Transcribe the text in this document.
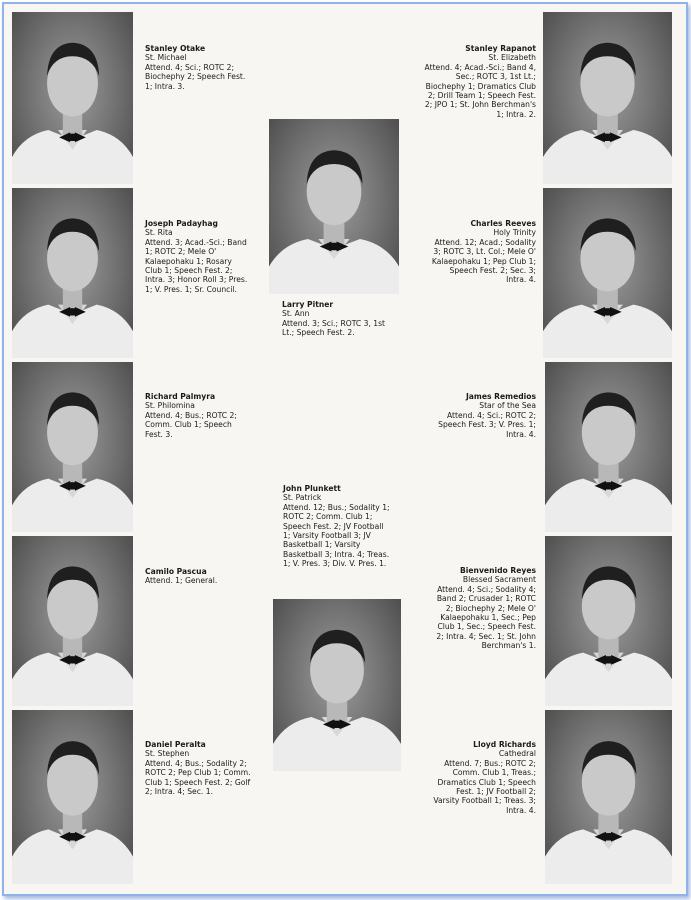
Stanley Otake
St. Michael
Attend. 4; Sci.; ROTC 2; Biochephy 2; Speech Fest. 1; Intra. 3.
Joseph Padayhag
St. Rita
Attend. 3; Acad.-Sci.; Band 1; ROTC 2; Mele O' Kalaepohaku 1; Rosary Club 1; Speech Fest. 2; Intra. 3; Honor Roll 3; Pres. 1; V. Pres. 1; Sr. Council.
Richard Palmyra
St. Philomina
Attend. 4; Bus.; ROTC 2; Comm. Club 1; Speech Fest. 3.
Camilo Pascua
Attend. 1; General.
Daniel Peralta
St. Stephen
Attend. 4; Bus.; Sodality 2; ROTC 2; Pep Club 1; Comm. Club 1; Speech Fest. 2; Golf 2; Intra. 4; Sec. 1.
Larry Pitner
St. Ann
Attend. 3; Sci.; ROTC 3, 1st Lt.; Speech Fest. 2.
John Plunkett
St. Patrick
Attend. 12; Bus.; Sodality 1; ROTC 2; Comm. Club 1; Speech Fest. 2; JV Football 1; Varsity Football 3; JV Basketball 1; Varsity Basketball 3; Intra. 4; Treas. 1; V. Pres. 3; Div. V. Pres. 1.
Stanley Rapanot
St. Elizabeth
Attend. 4; Acad.-Sci.; Band 4, Sec.; ROTC 3, 1st Lt.; Biochephy 1; Dramatics Club 2; Drill Team 1; Speech Fest. 2; JPO 1; St. John Berchman's 1; Intra. 2.
Charles Reeves
Holy Trinity
Attend. 12; Acad.; Sodality 3; ROTC 3, Lt. Col.; Mele O' Kalaepohaku 1; Pep Club 1; Speech Fest. 2; Sec. 3; Intra. 4.
James Remedios
Star of the Sea
Attend. 4; Sci.; ROTC 2; Speech Fest. 3; V. Pres. 1; Intra. 4.
Bienvenido Reyes
Blessed Sacrament
Attend. 4; Sci.; Sodality 4; Band 2; Crusader 1; ROTC 2; Biochephy 2; Mele O' Kalaepohaku 1, Sec.; Pep Club 1, Sec.; Speech Fest. 2; Intra. 4; Sec. 1; St. John Berchman's 1.
Lloyd Richards
Cathedral
Attend. 7; Bus.; ROTC 2; Comm. Club 1, Treas.; Dramatics Club 1; Speech Fest. 1; JV Football 2; Varsity Football 1; Treas. 3; Intra. 4.
